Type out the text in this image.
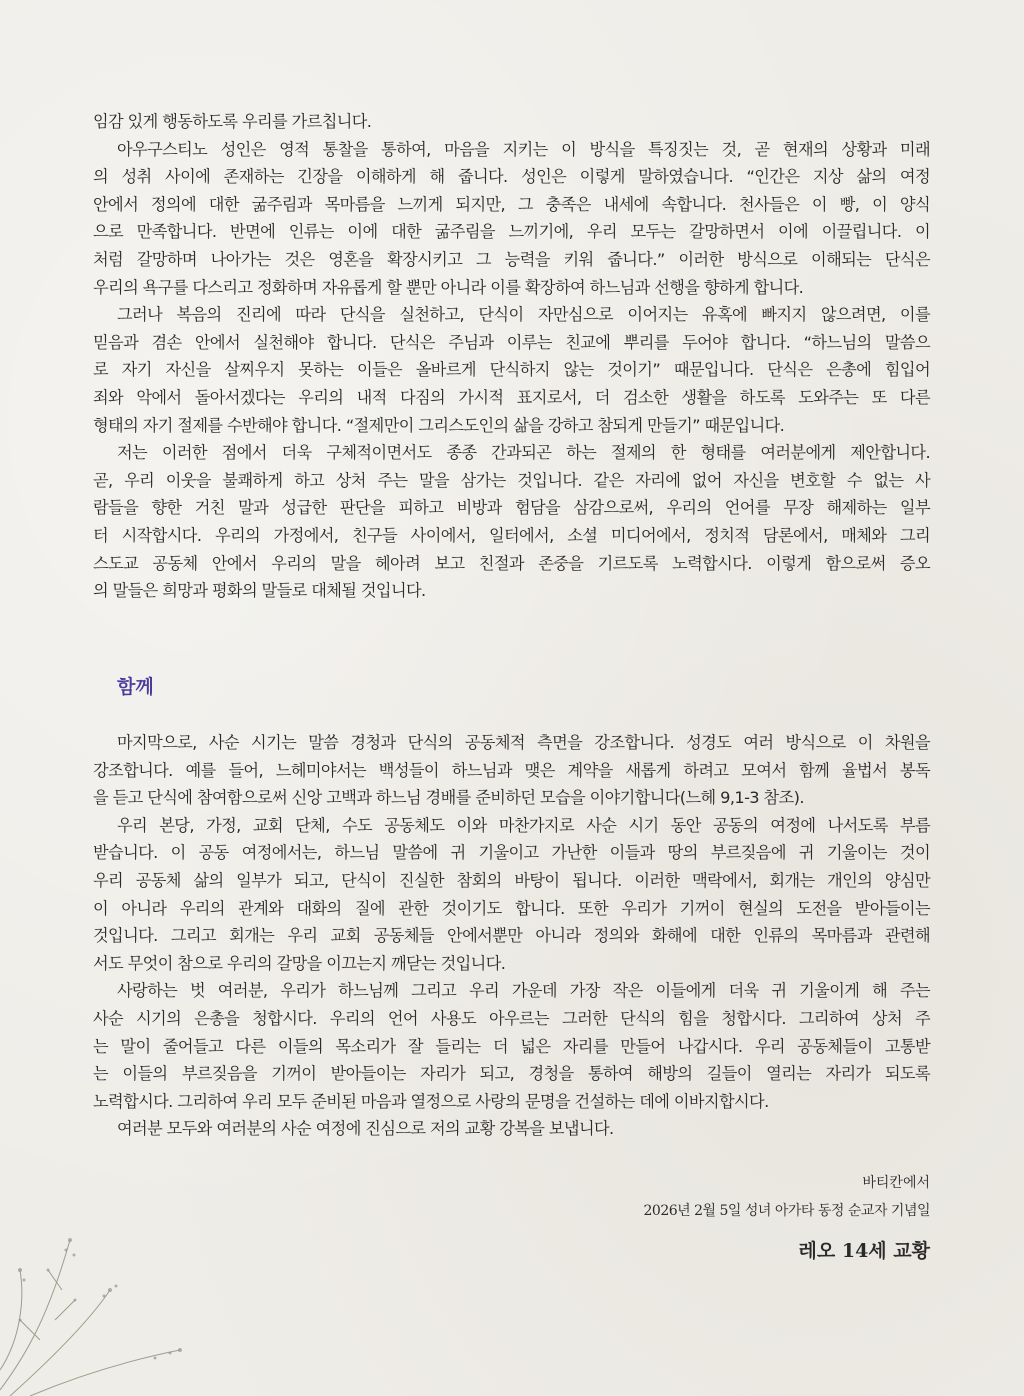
임감 있게 행동하도록 우리를 가르칩니다.
아우구스티노 성인은 영적 통찰을 통하여, 마음을 지키는 이 방식을 특징짓는 것, 곧 현재의 상황과 미래
의 성취 사이에 존재하는 긴장을 이해하게 해 줍니다. 성인은 이렇게 말하였습니다. “인간은 지상 삶의 여정
안에서 정의에 대한 굶주림과 목마름을 느끼게 되지만, 그 충족은 내세에 속합니다. 천사들은 이 빵, 이 양식
으로 만족합니다. 반면에 인류는 이에 대한 굶주림을 느끼기에, 우리 모두는 갈망하면서 이에 이끌립니다. 이
처럼 갈망하며 나아가는 것은 영혼을 확장시키고 그 능력을 키워 줍니다.” 이러한 방식으로 이해되는 단식은
우리의 욕구를 다스리고 정화하며 자유롭게 할 뿐만 아니라 이를 확장하여 하느님과 선행을 향하게 합니다.
그러나 복음의 진리에 따라 단식을 실천하고, 단식이 자만심으로 이어지는 유혹에 빠지지 않으려면, 이를
믿음과 겸손 안에서 실천해야 합니다. 단식은 주님과 이루는 친교에 뿌리를 두어야 합니다. “하느님의 말씀으
로 자기 자신을 살찌우지 못하는 이들은 올바르게 단식하지 않는 것이기” 때문입니다. 단식은 은총에 힘입어
죄와 악에서 돌아서겠다는 우리의 내적 다짐의 가시적 표지로서, 더 검소한 생활을 하도록 도와주는 또 다른
형태의 자기 절제를 수반해야 합니다. “절제만이 그리스도인의 삶을 강하고 참되게 만들기” 때문입니다.
저는 이러한 점에서 더욱 구체적이면서도 종종 간과되곤 하는 절제의 한 형태를 여러분에게 제안합니다.
곧, 우리 이웃을 불쾌하게 하고 상처 주는 말을 삼가는 것입니다. 같은 자리에 없어 자신을 변호할 수 없는 사
람들을 향한 거친 말과 성급한 판단을 피하고 비방과 험담을 삼감으로써, 우리의 언어를 무장 해제하는 일부
터 시작합시다. 우리의 가정에서, 친구들 사이에서, 일터에서, 소셜 미디어에서, 정치적 담론에서, 매체와 그리
스도교 공동체 안에서 우리의 말을 헤아려 보고 친절과 존중을 기르도록 노력합시다. 이렇게 함으로써 증오
의 말들은 희망과 평화의 말들로 대체될 것입니다.
함께
마지막으로, 사순 시기는 말씀 경청과 단식의 공동체적 측면을 강조합니다. 성경도 여러 방식으로 이 차원을
강조합니다. 예를 들어, 느헤미야서는 백성들이 하느님과 맺은 계약을 새롭게 하려고 모여서 함께 율법서 봉독
을 듣고 단식에 참여함으로써 신앙 고백과 하느님 경배를 준비하던 모습을 이야기합니다(느헤 9,1-3 참조).
우리 본당, 가정, 교회 단체, 수도 공동체도 이와 마찬가지로 사순 시기 동안 공동의 여정에 나서도록 부름
받습니다. 이 공동 여정에서는, 하느님 말씀에 귀 기울이고 가난한 이들과 땅의 부르짖음에 귀 기울이는 것이
우리 공동체 삶의 일부가 되고, 단식이 진실한 참회의 바탕이 됩니다. 이러한 맥락에서, 회개는 개인의 양심만
이 아니라 우리의 관계와 대화의 질에 관한 것이기도 합니다. 또한 우리가 기꺼이 현실의 도전을 받아들이는
것입니다. 그리고 회개는 우리 교회 공동체들 안에서뿐만 아니라 정의와 화해에 대한 인류의 목마름과 관련해
서도 무엇이 참으로 우리의 갈망을 이끄는지 깨닫는 것입니다.
사랑하는 벗 여러분, 우리가 하느님께 그리고 우리 가운데 가장 작은 이들에게 더욱 귀 기울이게 해 주는
사순 시기의 은총을 청합시다. 우리의 언어 사용도 아우르는 그러한 단식의 힘을 청합시다. 그리하여 상처 주
는 말이 줄어들고 다른 이들의 목소리가 잘 들리는 더 넓은 자리를 만들어 나갑시다. 우리 공동체들이 고통받
는 이들의 부르짖음을 기꺼이 받아들이는 자리가 되고, 경청을 통하여 해방의 길들이 열리는 자리가 되도록
노력합시다. 그리하여 우리 모두 준비된 마음과 열정으로 사랑의 문명을 건설하는 데에 이바지합시다.
여러분 모두와 여러분의 사순 여정에 진심으로 저의 교황 강복을 보냅니다.
바티칸에서
2026년 2월 5일 성녀 아가타 동정 순교자 기념일
레오 14세 교황
